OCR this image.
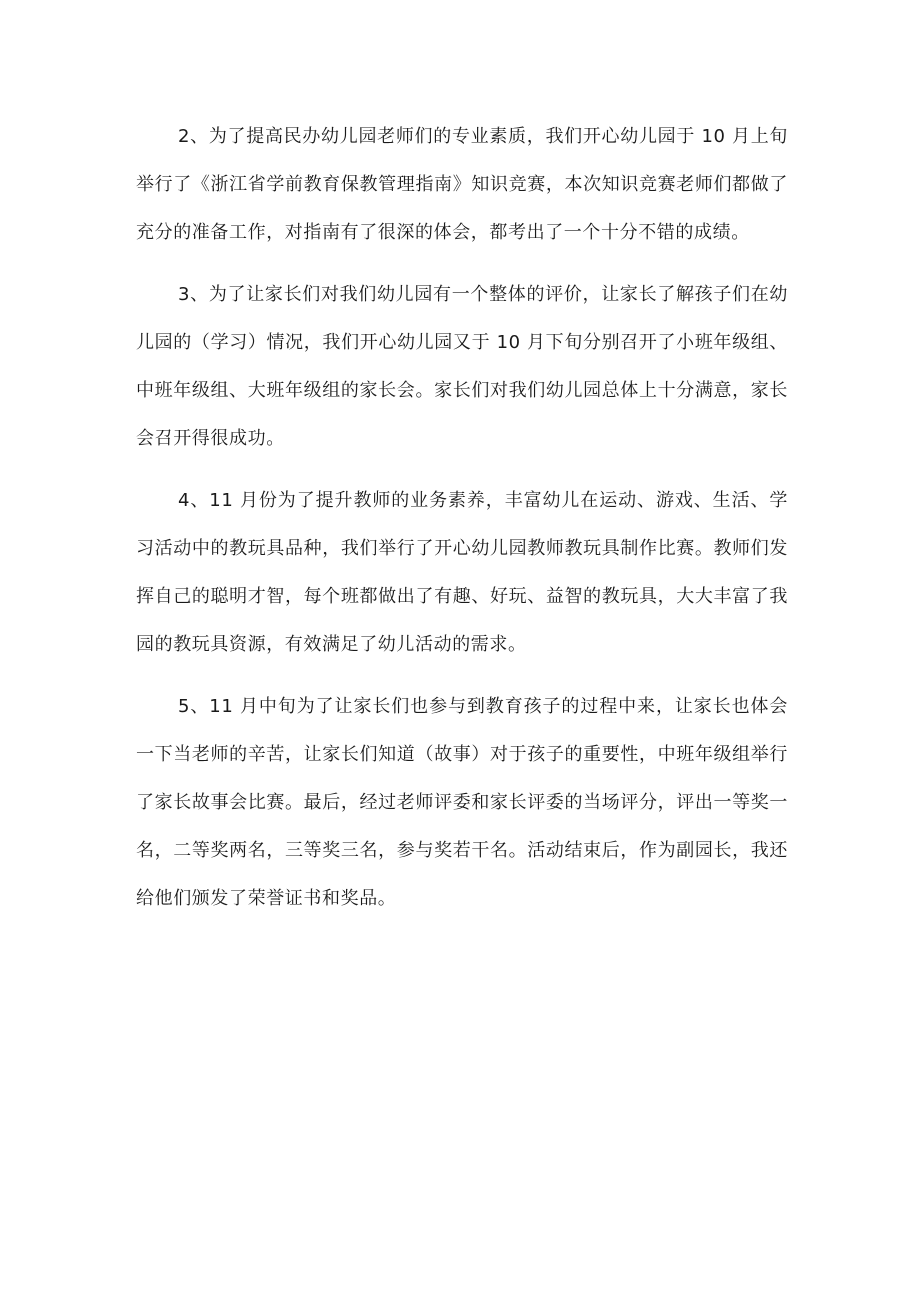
2、为了提高民办幼儿园老师们的专业素质，我们开心幼儿园于 10 月上旬举行了《浙江省学前教育保教管理指南》知识竞赛，本次知识竞赛老师们都做了充分的准备工作，对指南有了很深的体会，都考出了一个十分不错的成绩。

3、为了让家长们对我们幼儿园有一个整体的评价，让家长了解孩子们在幼儿园的（学习）情况，我们开心幼儿园又于 10 月下旬分别召开了小班年级组、中班年级组、大班年级组的家长会。家长们对我们幼儿园总体上十分满意，家长会召开得很成功。

4、11 月份为了提升教师的业务素养，丰富幼儿在运动、游戏、生活、学习活动中的教玩具品种，我们举行了开心幼儿园教师教玩具制作比赛。教师们发挥自己的聪明才智，每个班都做出了有趣、好玩、益智的教玩具，大大丰富了我园的教玩具资源，有效满足了幼儿活动的需求。

5、11 月中旬为了让家长们也参与到教育孩子的过程中来，让家长也体会一下当老师的辛苦，让家长们知道（故事）对于孩子的重要性，中班年级组举行了家长故事会比赛。最后，经过老师评委和家长评委的当场评分，评出一等奖一名，二等奖两名，三等奖三名，参与奖若干名。活动结束后，作为副园长，我还给他们颁发了荣誉证书和奖品。
